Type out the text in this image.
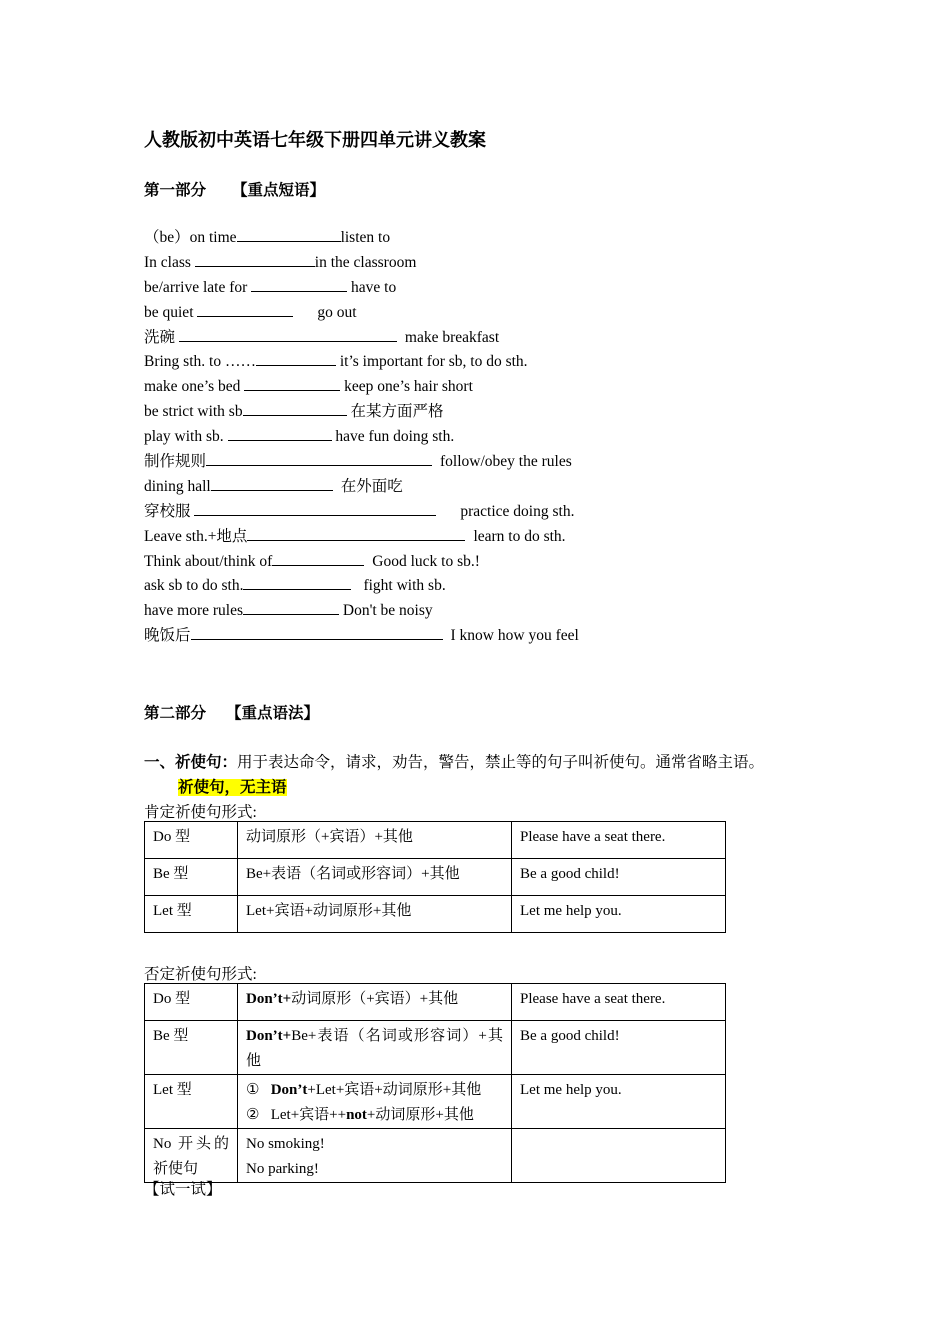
人教版初中英语七年级下册四单元讲义教案
第一部分 【重点短语】
（be）on time	listen to
In class	in the classroom
be/arrive late for	have to
be quiet	go out
洗碗	make breakfast
Bring sth. to ……	it’s important for sb, to do sth.
make one’s bed	keep one’s hair short
be strict with sb	在某方面严格
play with sb.	have fun doing sth.
制作规则	follow/obey the rules
dining hall	在外面吃
穿校服	practice doing sth.
Leave sth.+地点	learn to do sth.
Think about/think of	Good luck to sb.!
ask sb to do sth.	fight with sb.
have more rules	Don't be noisy
晚饭后	I know how you feel
第二部分 【重点语法】
一、祈使句：用于表达命令，请求，劝告，警告，禁止等的句子叫祈使句。通常省略主语。
祈使句，无主语
肯定祈使句形式:
Do 型	动词原形（+宾语）+其他	Please have a seat there.
Be 型	Be+表语（名词或形容词）+其他	Be a good child!
Let 型	Let+宾语+动词原形+其他	Let me help you.
否定祈使句形式:
Do 型	Don’t+动词原形（+宾语）+其他	Please have a seat there.
Be 型	Don’t+Be+表语（名词或形容词）+其他	Be a good child!
Let 型	① Don’t+Let+宾语+动词原形+其他
② Let+宾语++not+动词原形+其他	Let me help you.
No 开头的祈使句	No smoking!
No parking!	

【试一试】
